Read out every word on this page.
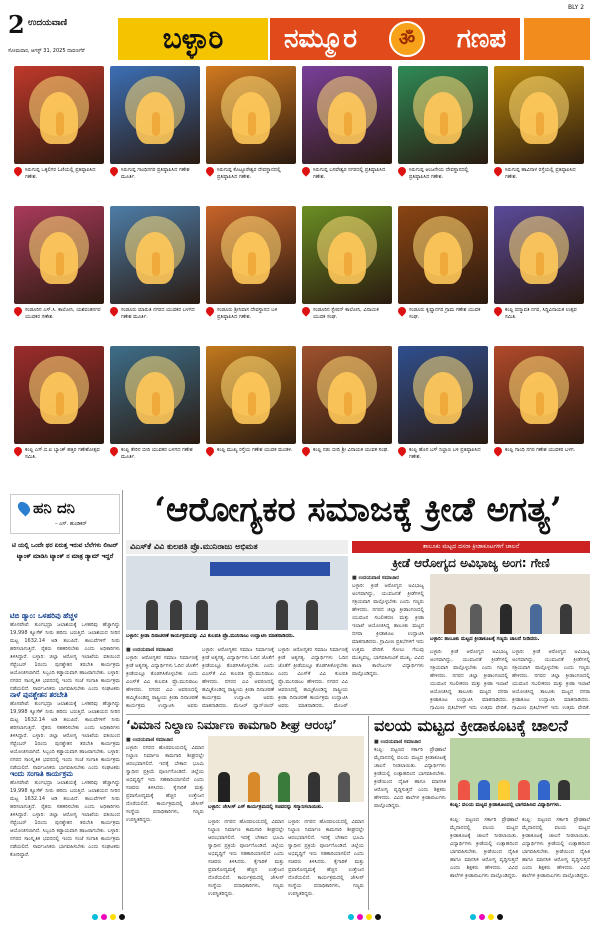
2 ಉದಯವಾಣಿ
ಸೋಮವಾರ, ಆಗಸ್ಟ್ 31, 2025 ದಾವಣಗೆರೆ	ಬಳ್ಳಾರಿ	ನಮ್ಮೂರ	ॐ	ಗಣಪ
BLY 2
ಸಿರುಗುಪ್ಪ ಒಕ್ಕಲಿಗರ ಓಣಿಯಲ್ಲಿ ಪ್ರತಿಷ್ಠಾಪಿಸಿದ ಗಣೇಶ.
ಸಿರುಗುಪ್ಪ ಗಾಂಧಿನಗರ ಪ್ರತಿಷ್ಠಾಪಿಸಿದ ಗಣೇಶ ಮೂರ್ತಿ.
ಸಿರುಗುಪ್ಪ ಕೊಟ್ಟೂರೇಶ್ವರ ದೇವಸ್ಥಾನದಲ್ಲಿ ಪ್ರತಿಷ್ಠಾಪಿಸಿದ ಗಣೇಶ.
ಸಿರುಗುಪ್ಪ ಬಸವೇಶ್ವರ ನಗರದಲ್ಲಿ ಪ್ರತಿಷ್ಠಾಪಿಸಿದ ಗಣೇಶ.
ಸಿರುಗುಪ್ಪ ಆಂಜನೇಯ ದೇವಸ್ಥಾನದಲ್ಲಿ ಪ್ರತಿಷ್ಠಾಪಿಸಿದ ಗಣೇಶ.
ಸಿರುಗುಪ್ಪ ಹಾವಿನಾಳ ರಸ್ತೆಯಲ್ಲಿ ಪ್ರತಿಷ್ಠಾಪಿಸಿದ ಗಣೇಶ.
ಸಂಡೂರಿನ ಎಸ್.ಸಿ. ಕಾಲೋನಿ, ಯಶವಂತನಗರ ಯುವಕರ ಗಣೇಶ.
ಸಂಡೂರು ಮಾರುತಿ ನಗರದ ಯುವಕರ ಬಳಗದ ಗಣೇಶ ಮೂರ್ತಿ.
ಸಂಡೂರು ಶ್ರೀನಿವಾಸ ದೇವಸ್ಥಾನದ ಬಳಿ ಪ್ರತಿಷ್ಠಾಪಿಸಿದ ಗಣೇಶ.
ಸಂಡೂರಿನ ಸ್ಟೇಷನ್ ಕಾಲೋನಿ, ವಿನಾಯಕ ಯುವಕ ಸಂಘ.
ಸಂಡೂರು ಕೃಷ್ಣಾನಗರ ಗ್ರಾಮ ಗಣೇಶ ಯುವಕ ಸಂಘ.
ಕಂಪ್ಲಿ ಪದ್ಮಾವತಿ ನಗರ, ಸಿದ್ಧಿವಿನಾಯಕ ಉತ್ಸವ ಸಮಿತಿ.
ಕಂಪ್ಲಿ ಎಸ್.ಬಿ.ಐ ಬ್ಯಾಂಕ್ ಹತ್ತಿರ ಗಣೇಶೋತ್ಸವ ಸಮಿತಿ.
ಕಂಪ್ಲಿ ತೇರಿನ ಬೀದಿ ಯುವಕರ ಬಳಗದ ಗಣೇಶ ಮೂರ್ತಿ.
ಕಂಪ್ಲಿ ಮುಖ್ಯ ರಸ್ತೆಯ ಗಣೇಶ ಯುವಕ ಮಂಡಳಿ.	ಕಂಪ್ಲಿ ನಡು ಬೀದಿ ಶ್ರೀ ವಿನಾಯಕ ಯುವಕ ಸಂಘ.	ಕಂಪ್ಲಿ ಹೊಸ ಬಸ್ ನಿಲ್ದಾಣ ಬಳಿ ಪ್ರತಿಷ್ಠಾಪಿಸಿದ ಗಣೇಶ.
ಕಂಪ್ಲಿ ಗಾಂಧಿ ನಗರ ಗಣೇಶ ಯುವಕರ ಬಳಗ.
ಹನಿ ದನಿ
– ಎಸ್. ಹುಂಡಿಕರ್
ಟಿ ಯಲ್ಲಿ ಒಂದೇ ಥರ ಏರುತ್ತ ಇರುವ ಬೆಲೆಗಳು ಲೀಟರ್ ಟ್ಯಾಂಕ್ ಮಾಡಿಸಿ ಟ್ಯಾಂಕ್ ನ ಮಾತ್ರ ಡ್ಯಾಮ್ ಇದ್ದರೆ
ಟಿಬಿ ಡ್ಯಾಂ: ಒಳಹರಿವು ಹೆಚ್ಚಳ
ಹೊಸಪೇಟೆ: ತುಂಗಭದ್ರಾ ಜಲಾಶಯಕ್ಕೆ ಒಳಹರಿವು ಹೆಚ್ಚಾಗಿದ್ದು 19,998 ಕ್ಯೂಸೆಕ್ ನೀರು ಹರಿದು ಬರುತ್ತಿದೆ. ಜಲಾಶಯದ ನೀರಿನ ಮಟ್ಟ 1632.14 ಅಡಿ ತಲುಪಿದೆ. ಕಾಲುವೆಗಳಿಗೆ ನೀರು ಹರಿಸಲಾಗುತ್ತಿದೆ. ರೈತರು ಸಹಕರಿಸಬೇಕು ಎಂದು ಅಧಿಕಾರಿಗಳು ತಿಳಿಸಿದ್ದಾರೆ. ಬಳ್ಳಾರಿ: ಜಿಲ್ಲಾ ಆರೋಗ್ಯ ಇಲಾಖೆಯ ವತಿಯಿಂದ ಸೆಪ್ಟೆಂಬರ್ 1ರಂದು ಪುನಶ್ಚೇತನ ತರಬೇತಿ ಕಾರ್ಯಕ್ರಮ ಆಯೋಜಿಸಲಾಗಿದೆ. ಸಿಬ್ಬಂದಿ ಕಡ್ಡಾಯವಾಗಿ ಹಾಜರಾಗಬೇಕು. ಬಳ್ಳಾರಿ: ನಗರದ ಸಾಂಸ್ಕೃತಿಕ ಭವನದಲ್ಲಿ ಇಂದು ಸಂಜೆ ಸಂಗಾತಿ ಕಾರ್ಯಕ್ರಮ ನಡೆಯಲಿದೆ. ಸಾರ್ವಜನಿಕರು ಭಾಗವಹಿಸಬೇಕು ಎಂದು ಸಂಘಟಕರು
ನಾಳೆ ಪುನಶ್ಚೇತನ ತರಬೇತಿ
ಹೊಸಪೇಟೆ: ತುಂಗಭದ್ರಾ ಜಲಾಶಯಕ್ಕೆ ಒಳಹರಿವು ಹೆಚ್ಚಾಗಿದ್ದು 19,998 ಕ್ಯೂಸೆಕ್ ನೀರು ಹರಿದು ಬರುತ್ತಿದೆ. ಜಲಾಶಯದ ನೀರಿನ ಮಟ್ಟ 1632.14 ಅಡಿ ತಲುಪಿದೆ. ಕಾಲುವೆಗಳಿಗೆ ನೀರು ಹರಿಸಲಾಗುತ್ತಿದೆ. ರೈತರು ಸಹಕರಿಸಬೇಕು ಎಂದು ಅಧಿಕಾರಿಗಳು ತಿಳಿಸಿದ್ದಾರೆ. ಬಳ್ಳಾರಿ: ಜಿಲ್ಲಾ ಆರೋಗ್ಯ ಇಲಾಖೆಯ ವತಿಯಿಂದ ಸೆಪ್ಟೆಂಬರ್ 1ರಂದು ಪುನಶ್ಚೇತನ ತರಬೇತಿ ಕಾರ್ಯಕ್ರಮ ಆಯೋಜಿಸಲಾಗಿದೆ. ಸಿಬ್ಬಂದಿ ಕಡ್ಡಾಯವಾಗಿ ಹಾಜರಾಗಬೇಕು. ಬಳ್ಳಾರಿ: ನಗರದ ಸಾಂಸ್ಕೃತಿಕ ಭವನದಲ್ಲಿ ಇಂದು ಸಂಜೆ ಸಂಗಾತಿ ಕಾರ್ಯಕ್ರಮ ನಡೆಯಲಿದೆ. ಸಾರ್ವಜನಿಕರು ಭಾಗವಹಿಸಬೇಕು ಎಂದು ಸಂಘಟಕರು
ಇಂದು ಸಂಗಾತಿ ಕಾರ್ಯಕ್ರಮ
ಹೊಸಪೇಟೆ: ತುಂಗಭದ್ರಾ ಜಲಾಶಯಕ್ಕೆ ಒಳಹರಿವು ಹೆಚ್ಚಾಗಿದ್ದು 19,998 ಕ್ಯೂಸೆಕ್ ನೀರು ಹರಿದು ಬರುತ್ತಿದೆ. ಜಲಾಶಯದ ನೀರಿನ ಮಟ್ಟ 1632.14 ಅಡಿ ತಲುಪಿದೆ. ಕಾಲುವೆಗಳಿಗೆ ನೀರು ಹರಿಸಲಾಗುತ್ತಿದೆ. ರೈತರು ಸಹಕರಿಸಬೇಕು ಎಂದು ಅಧಿಕಾರಿಗಳು ತಿಳಿಸಿದ್ದಾರೆ. ಬಳ್ಳಾರಿ: ಜಿಲ್ಲಾ ಆರೋಗ್ಯ ಇಲಾಖೆಯ ವತಿಯಿಂದ ಸೆಪ್ಟೆಂಬರ್ 1ರಂದು ಪುನಶ್ಚೇತನ ತರಬೇತಿ ಕಾರ್ಯಕ್ರಮ ಆಯೋಜಿಸಲಾಗಿದೆ. ಸಿಬ್ಬಂದಿ ಕಡ್ಡಾಯವಾಗಿ ಹಾಜರಾಗಬೇಕು. ಬಳ್ಳಾರಿ: ನಗರದ ಸಾಂಸ್ಕೃತಿಕ ಭವನದಲ್ಲಿ ಇಂದು ಸಂಜೆ ಸಂಗಾತಿ ಕಾರ್ಯಕ್ರಮ ನಡೆಯಲಿದೆ. ಸಾರ್ವಜನಿಕರು ಭಾಗವಹಿಸಬೇಕು ಎಂದು ಸಂಘಟಕರು ಕೋರಿದ್ದಾರೆ.
‘ಆರೋಗ್ಯಕರ ಸಮಾಜಕ್ಕೆ ಕ್ರೀಡೆ ಅಗತ್ಯ’
ವಿಎಸ್‌ಕೆ ವಿವಿ ಕುಲಪತಿ ಪ್ರೊ.ಮುನಿರಾಜು ಅಭಿಮತ
ಬಳ್ಳಾರಿ: ಕ್ರೀಡಾ ದಿನಾಚರಣೆ ಕಾರ್ಯಕ್ರಮವನ್ನು ವಿವಿ ಕುಲಪತಿ ಪ್ರೊ.ಮುನಿರಾಜು ಉದ್ಘಾಟಿಸಿ ಮಾತನಾಡಿದರು.
■ ಉದಯವಾಣಿ ಸಮಾಚಾರ
ಬಳ್ಳಾರಿ: ಆರೋಗ್ಯಕರ ಸಮಾಜ ನಿರ್ಮಾಣಕ್ಕೆ ಕ್ರೀಡೆ ಅತ್ಯಗತ್ಯ. ವಿದ್ಯಾರ್ಥಿಗಳು ಓದಿನ ಜೊತೆಗೆ ಕ್ರೀಡೆಯಲ್ಲೂ ತೊಡಗಿಸಿಕೊಳ್ಳಬೇಕು ಎಂದು ವಿಎಸ್‌ಕೆ ವಿವಿ ಕುಲಪತಿ ಪ್ರೊ.ಮುನಿರಾಜು ಹೇಳಿದರು. ನಗರದ ವಿವಿ ಆವರಣದಲ್ಲಿ ಹಮ್ಮಿಕೊಂಡಿದ್ದ ರಾಷ್ಟ್ರೀಯ ಕ್ರೀಡಾ ದಿನಾಚರಣೆ ಕಾರ್ಯಕ್ರಮ ಉದ್ಘಾಟಿಸಿ ಅವರು
ಬಳ್ಳಾರಿ: ಆರೋಗ್ಯಕರ ಸಮಾಜ ನಿರ್ಮಾಣಕ್ಕೆ ಕ್ರೀಡೆ ಅತ್ಯಗತ್ಯ. ವಿದ್ಯಾರ್ಥಿಗಳು ಓದಿನ ಜೊತೆಗೆ ಕ್ರೀಡೆಯಲ್ಲೂ ತೊಡಗಿಸಿಕೊಳ್ಳಬೇಕು ಎಂದು ವಿಎಸ್‌ಕೆ ವಿವಿ ಕುಲಪತಿ ಪ್ರೊ.ಮುನಿರಾಜು ಹೇಳಿದರು. ನಗರದ ವಿವಿ ಆವರಣದಲ್ಲಿ ಹಮ್ಮಿಕೊಂಡಿದ್ದ ರಾಷ್ಟ್ರೀಯ ಕ್ರೀಡಾ ದಿನಾಚರಣೆ ಕಾರ್ಯಕ್ರಮ ಉದ್ಘಾಟಿಸಿ ಅವರು ಮಾತನಾಡಿದರು. ಮೇಜರ್ ಧ್ಯಾನ್‌ಚಂದ್
ಬಳ್ಳಾರಿ: ಆರೋಗ್ಯಕರ ಸಮಾಜ ನಿರ್ಮಾಣಕ್ಕೆ ಕ್ರೀಡೆ ಅತ್ಯಗತ್ಯ. ವಿದ್ಯಾರ್ಥಿಗಳು ಓದಿನ ಜೊತೆಗೆ ಕ್ರೀಡೆಯಲ್ಲೂ ತೊಡಗಿಸಿಕೊಳ್ಳಬೇಕು ಎಂದು ವಿಎಸ್‌ಕೆ ವಿವಿ ಕುಲಪತಿ ಪ್ರೊ.ಮುನಿರಾಜು ಹೇಳಿದರು. ನಗರದ ವಿವಿ ಆವರಣದಲ್ಲಿ ಹಮ್ಮಿಕೊಂಡಿದ್ದ ರಾಷ್ಟ್ರೀಯ ಕ್ರೀಡಾ ದಿನಾಚರಣೆ ಕಾರ್ಯಕ್ರಮ ಉದ್ಘಾಟಿಸಿ ಅವರು ಮಾತನಾಡಿದರು. ಮೇಜರ್
ತಾಲೂಕು ಮಟ್ಟದ ದಸರಾ ಕ್ರೀಡಾಕೂಟಗಳಿಗೆ ಚಾಲನೆ
ಕ್ರೀಡೆ ಆರೋಗ್ಯದ ಅವಿಭಾಜ್ಯ ಅಂಗ: ಗೇಣಿ
■ ಉದಯವಾಣಿ ಸಮಾಚಾರ
ಬಳ್ಳಾರಿ: ಕ್ರೀಡೆ ಆರೋಗ್ಯದ ಅವಿಭಾಜ್ಯ ಅಂಗವಾಗಿದ್ದು, ಯುವಜನತೆ ಕ್ರೀಡೆಗಳಲ್ಲಿ ಸಕ್ರಿಯವಾಗಿ ಪಾಲ್ಗೊಳ್ಳಬೇಕು ಎಂದು ಗಣ್ಯರು ಹೇಳಿದರು. ನಗರದ ಜಿಲ್ಲಾ ಕ್ರೀಡಾಂಗಣದಲ್ಲಿ ಯುವಜನ ಸಬಲೀಕರಣ ಮತ್ತು ಕ್ರೀಡಾ ಇಲಾಖೆ ಆಯೋಜಿಸಿದ್ದ ತಾಲೂಕು ಮಟ್ಟದ ದಸರಾ ಕ್ರೀಡಾಕೂಟ ಉದ್ಘಾಟಿಸಿ ಮಾತನಾಡಿದರು. ಗ್ರಾಮೀಣ ಪ್ರತಿಭೆಗಳಿಗೆ ಇದು ಉತ್ತಮ ವೇದಿಕೆ. ಸೋಲು ಗೆಲುವು ಮುಖ್ಯವಲ್ಲ, ಭಾಗವಹಿಸುವಿಕೆ ಮುಖ್ಯ. ವಿವಿಧ ಶಾಲಾ ಕಾಲೇಜುಗಳ ವಿದ್ಯಾರ್ಥಿಗಳು ಪಾಲ್ಗೊಂಡಿದ್ದರು.
ಬಳ್ಳಾರಿ: ತಾಲೂಕು ಮಟ್ಟದ ಕ್ರೀಡಾಕೂಟಕ್ಕೆ ಗಣ್ಯರು ಚಾಲನೆ ನೀಡಿದರು.
ಬಳ್ಳಾರಿ: ಕ್ರೀಡೆ ಆರೋಗ್ಯದ ಅವಿಭಾಜ್ಯ ಅಂಗವಾಗಿದ್ದು, ಯುವಜನತೆ ಕ್ರೀಡೆಗಳಲ್ಲಿ ಸಕ್ರಿಯವಾಗಿ ಪಾಲ್ಗೊಳ್ಳಬೇಕು ಎಂದು ಗಣ್ಯರು ಹೇಳಿದರು. ನಗರದ ಜಿಲ್ಲಾ ಕ್ರೀಡಾಂಗಣದಲ್ಲಿ ಯುವಜನ ಸಬಲೀಕರಣ ಮತ್ತು ಕ್ರೀಡಾ ಇಲಾಖೆ ಆಯೋಜಿಸಿದ್ದ ತಾಲೂಕು ಮಟ್ಟದ ದಸರಾ ಕ್ರೀಡಾಕೂಟ ಉದ್ಘಾಟಿಸಿ ಮಾತನಾಡಿದರು. ಗ್ರಾಮೀಣ ಪ್ರತಿಭೆಗಳಿಗೆ ಇದು ಉತ್ತಮ ವೇದಿಕೆ.
ಬಳ್ಳಾರಿ: ಕ್ರೀಡೆ ಆರೋಗ್ಯದ ಅವಿಭಾಜ್ಯ ಅಂಗವಾಗಿದ್ದು, ಯುವಜನತೆ ಕ್ರೀಡೆಗಳಲ್ಲಿ ಸಕ್ರಿಯವಾಗಿ ಪಾಲ್ಗೊಳ್ಳಬೇಕು ಎಂದು ಗಣ್ಯರು ಹೇಳಿದರು. ನಗರದ ಜಿಲ್ಲಾ ಕ್ರೀಡಾಂಗಣದಲ್ಲಿ ಯುವಜನ ಸಬಲೀಕರಣ ಮತ್ತು ಕ್ರೀಡಾ ಇಲಾಖೆ ಆಯೋಜಿಸಿದ್ದ ತಾಲೂಕು ಮಟ್ಟದ ದಸರಾ ಕ್ರೀಡಾಕೂಟ ಉದ್ಘಾಟಿಸಿ ಮಾತನಾಡಿದರು. ಗ್ರಾಮೀಣ ಪ್ರತಿಭೆಗಳಿಗೆ ಇದು ಉತ್ತಮ ವೇದಿಕೆ.
‘ವಿಮಾನ ನಿಲ್ದಾಣ ನಿರ್ಮಾಣ ಕಾಮಗಾರಿ ಶೀಘ್ರ ಆರಂಭ’
■ ಉದಯವಾಣಿ ಸಮಾಚಾರ
ಬಳ್ಳಾರಿ: ನಗರದ ಹೊರವಲಯದಲ್ಲಿ ವಿಮಾನ ನಿಲ್ದಾಣ ನಿರ್ಮಾಣ ಕಾಮಗಾರಿ ಶೀಘ್ರದಲ್ಲೇ ಆರಂಭವಾಗಲಿದೆ. ಇದಕ್ಕೆ ಬೇಕಾದ ಭೂಮಿ ಸ್ವಾಧೀನ ಪ್ರಕ್ರಿಯೆ ಪೂರ್ಣಗೊಂಡಿದೆ. ಜಿಲ್ಲೆಯ ಅಭಿವೃದ್ಧಿಗೆ ಇದು ಸಹಕಾರಿಯಾಗಲಿದೆ ಎಂದು ಸಚಿವರು ತಿಳಿಸಿದರು. ಕೈಗಾರಿಕೆ ಮತ್ತು ಪ್ರವಾಸೋದ್ಯಮಕ್ಕೆ ಹೆಚ್ಚಿನ ಉತ್ತೇಜನ ದೊರೆಯಲಿದೆ. ಕಾರ್ಯಕ್ರಮದಲ್ಲಿ ಜೇಸೀಸ್ ಸಂಸ್ಥೆಯ ಪದಾಧಿಕಾರಿಗಳು, ಗಣ್ಯರು ಉಪಸ್ಥಿತರಿದ್ದರು.
ಬಳ್ಳಾರಿ: ಜೇಸೀಸ್ ಎಸ್ ಕಾರ್ಯಕ್ರಮದಲ್ಲಿ ಸಚಿವರನ್ನು ಸನ್ಮಾನಿಸಲಾಯಿತು.
ಬಳ್ಳಾರಿ: ನಗರದ ಹೊರವಲಯದಲ್ಲಿ ವಿಮಾನ ನಿಲ್ದಾಣ ನಿರ್ಮಾಣ ಕಾಮಗಾರಿ ಶೀಘ್ರದಲ್ಲೇ ಆರಂಭವಾಗಲಿದೆ. ಇದಕ್ಕೆ ಬೇಕಾದ ಭೂಮಿ ಸ್ವಾಧೀನ ಪ್ರಕ್ರಿಯೆ ಪೂರ್ಣಗೊಂಡಿದೆ. ಜಿಲ್ಲೆಯ ಅಭಿವೃದ್ಧಿಗೆ ಇದು ಸಹಕಾರಿಯಾಗಲಿದೆ ಎಂದು ಸಚಿವರು ತಿಳಿಸಿದರು. ಕೈಗಾರಿಕೆ ಮತ್ತು ಪ್ರವಾಸೋದ್ಯಮಕ್ಕೆ ಹೆಚ್ಚಿನ ಉತ್ತೇಜನ ದೊರೆಯಲಿದೆ. ಕಾರ್ಯಕ್ರಮದಲ್ಲಿ ಜೇಸೀಸ್ ಸಂಸ್ಥೆಯ ಪದಾಧಿಕಾರಿಗಳು, ಗಣ್ಯರು ಉಪಸ್ಥಿತರಿದ್ದರು.
ಬಳ್ಳಾರಿ: ನಗರದ ಹೊರವಲಯದಲ್ಲಿ ವಿಮಾನ ನಿಲ್ದಾಣ ನಿರ್ಮಾಣ ಕಾಮಗಾರಿ ಶೀಘ್ರದಲ್ಲೇ ಆರಂಭವಾಗಲಿದೆ. ಇದಕ್ಕೆ ಬೇಕಾದ ಭೂಮಿ ಸ್ವಾಧೀನ ಪ್ರಕ್ರಿಯೆ ಪೂರ್ಣಗೊಂಡಿದೆ. ಜಿಲ್ಲೆಯ ಅಭಿವೃದ್ಧಿಗೆ ಇದು ಸಹಕಾರಿಯಾಗಲಿದೆ ಎಂದು ಸಚಿವರು ತಿಳಿಸಿದರು. ಕೈಗಾರಿಕೆ ಮತ್ತು ಪ್ರವಾಸೋದ್ಯಮಕ್ಕೆ ಹೆಚ್ಚಿನ ಉತ್ತೇಜನ ದೊರೆಯಲಿದೆ. ಕಾರ್ಯಕ್ರಮದಲ್ಲಿ ಜೇಸೀಸ್ ಸಂಸ್ಥೆಯ ಪದಾಧಿಕಾರಿಗಳು, ಗಣ್ಯರು ಉಪಸ್ಥಿತರಿದ್ದರು.
ವಲಯ ಮಟ್ಟದ ಕ್ರೀಡಾಕೂಟಕ್ಕೆ ಚಾಲನೆ
■ ಉದಯವಾಣಿ ಸಮಾಚಾರ
ಕಂಪ್ಲಿ: ಪಟ್ಟಣದ ಸರ್ಕಾರಿ ಪ್ರೌಢಶಾಲೆ ಮೈದಾನದಲ್ಲಿ ವಲಯ ಮಟ್ಟದ ಕ್ರೀಡಾಕೂಟಕ್ಕೆ ಚಾಲನೆ ನೀಡಲಾಯಿತು. ವಿದ್ಯಾರ್ಥಿಗಳು ಕ್ರೀಡೆಯಲ್ಲಿ ಉತ್ಸಾಹದಿಂದ ಭಾಗವಹಿಸಬೇಕು. ಕ್ರೀಡೆಯಿಂದ ದೈಹಿಕ ಹಾಗೂ ಮಾನಸಿಕ ಆರೋಗ್ಯ ವೃದ್ಧಿಸುತ್ತದೆ ಎಂದು ಶಿಕ್ಷಕರು ಹೇಳಿದರು. ವಿವಿಧ ಶಾಲೆಗಳ ಕ್ರೀಡಾಪಟುಗಳು ಪಾಲ್ಗೊಂಡಿದ್ದರು.	ಕಂಪ್ಲಿ: ವಲಯ ಮಟ್ಟದ ಕ್ರೀಡಾಕೂಟದಲ್ಲಿ ಭಾಗವಹಿಸಿದ ವಿದ್ಯಾರ್ಥಿಗಳು.
ಕಂಪ್ಲಿ: ಪಟ್ಟಣದ ಸರ್ಕಾರಿ ಪ್ರೌಢಶಾಲೆ ಮೈದಾನದಲ್ಲಿ ವಲಯ ಮಟ್ಟದ ಕ್ರೀಡಾಕೂಟಕ್ಕೆ ಚಾಲನೆ ನೀಡಲಾಯಿತು. ವಿದ್ಯಾರ್ಥಿಗಳು ಕ್ರೀಡೆಯಲ್ಲಿ ಉತ್ಸಾಹದಿಂದ ಭಾಗವಹಿಸಬೇಕು. ಕ್ರೀಡೆಯಿಂದ ದೈಹಿಕ ಹಾಗೂ ಮಾನಸಿಕ ಆರೋಗ್ಯ ವೃದ್ಧಿಸುತ್ತದೆ ಎಂದು ಶಿಕ್ಷಕರು ಹೇಳಿದರು. ವಿವಿಧ ಶಾಲೆಗಳ ಕ್ರೀಡಾಪಟುಗಳು ಪಾಲ್ಗೊಂಡಿದ್ದರು.
ಕಂಪ್ಲಿ: ಪಟ್ಟಣದ ಸರ್ಕಾರಿ ಪ್ರೌಢಶಾಲೆ ಮೈದಾನದಲ್ಲಿ ವಲಯ ಮಟ್ಟದ ಕ್ರೀಡಾಕೂಟಕ್ಕೆ ಚಾಲನೆ ನೀಡಲಾಯಿತು. ವಿದ್ಯಾರ್ಥಿಗಳು ಕ್ರೀಡೆಯಲ್ಲಿ ಉತ್ಸಾಹದಿಂದ ಭಾಗವಹಿಸಬೇಕು. ಕ್ರೀಡೆಯಿಂದ ದೈಹಿಕ ಹಾಗೂ ಮಾನಸಿಕ ಆರೋಗ್ಯ ವೃದ್ಧಿಸುತ್ತದೆ ಎಂದು ಶಿಕ್ಷಕರು ಹೇಳಿದರು. ವಿವಿಧ ಶಾಲೆಗಳ ಕ್ರೀಡಾಪಟುಗಳು ಪಾಲ್ಗೊಂಡಿದ್ದರು.
